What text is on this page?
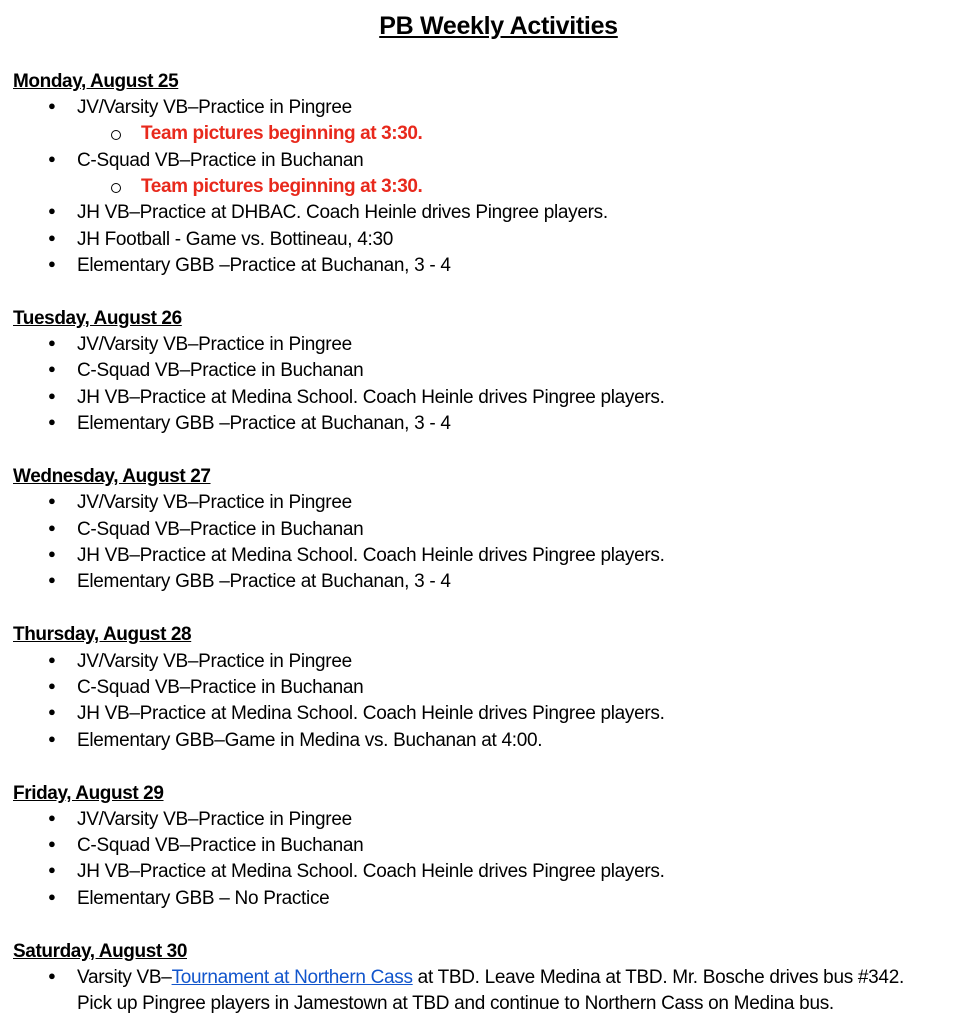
PB Weekly Activities
Monday, August 25
● JV/Varsity VB–Practice in Pingree
Team pictures beginning at 3:30.
● C-Squad VB–Practice in Buchanan
Team pictures beginning at 3:30.
● JH VB–Practice at DHBAC. Coach Heinle drives Pingree players.
● JH Football - Game vs. Bottineau, 4:30
● Elementary GBB –Practice at Buchanan, 3 - 4
Tuesday, August 26
● JV/Varsity VB–Practice in Pingree
● C-Squad VB–Practice in Buchanan
● JH VB–Practice at Medina School. Coach Heinle drives Pingree players.
● Elementary GBB –Practice at Buchanan, 3 - 4
Wednesday, August 27
● JV/Varsity VB–Practice in Pingree
● C-Squad VB–Practice in Buchanan
● JH VB–Practice at Medina School. Coach Heinle drives Pingree players.
● Elementary GBB –Practice at Buchanan, 3 - 4
Thursday, August 28
● JV/Varsity VB–Practice in Pingree
● C-Squad VB–Practice in Buchanan
● JH VB–Practice at Medina School. Coach Heinle drives Pingree players.
● Elementary GBB–Game in Medina vs. Buchanan at 4:00.
Friday, August 29
● JV/Varsity VB–Practice in Pingree
● C-Squad VB–Practice in Buchanan
● JH VB–Practice at Medina School. Coach Heinle drives Pingree players.
● Elementary GBB – No Practice
Saturday, August 30
● Varsity VB–Tournament at Northern Cass at TBD. Leave Medina at TBD. Mr. Bosche drives bus #342.
Pick up Pingree players in Jamestown at TBD and continue to Northern Cass on Medina bus.
